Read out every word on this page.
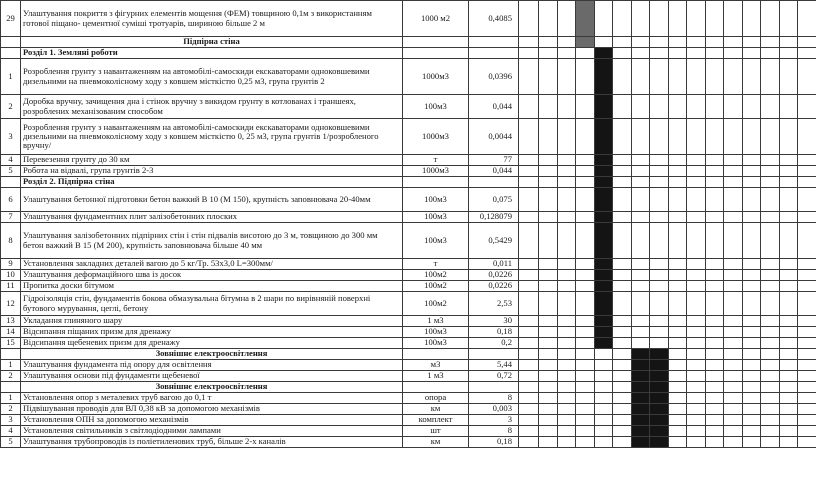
29	Улаштування покриття з фігурних елементів мощення (ФЕМ) товщиною 0,1м з використанням готової піщано- цементної суміші тротуарів, шириною більше 2 м	1000 м2	0,4085																
	Підпірна стіна																		
	Розділ 1. Земляні роботи																		
1	Розроблення грунту з навантаженням на автомобілі-самоскиди екскаваторами одноковшевими дизельними на пневмоколісному ходу з ковшем місткістю 0,25 м3, група грунтів 2	1000м3	0,0396																
2	Доробка вручну, зачищення дна і стінок вручну з викидом грунту в котлованах і траншеях, розроблених механізованим способом	100м3	0,044																
3	Розроблення грунту з навантаженням на автомобілі-самоскиди екскаваторами одноковшевими дизельними на пневмоколісному ходу з ковшем місткістю 0, 25 м3, група грунтів 1/розробленого вручну/	1000м3	0,0044																
4	Перевезення грунту до 30 км	т	77																
5	Робота на відвалі, група грунтів 2-3	1000м3	0,044																
	Розділ 2. Підпірна стіна																		
6	Улаштування бетонної підготовки бетон важкий В 10 (М 150), крупність заповнювача 20-40мм	100м3	0,075																
7	Улаштування фундаментних плит залізобетонних плоских	100м3	0,128079																
8	Улаштування залізобетонних підпірних стін і стін підвалів висотою до 3 м, товщиною до 300 мм бетон важкий В 15 (М 200), крупність заповнювача більше 40 мм	100м3	0,5429																
9	Установлення закладних деталей вагою до 5 кг/Тр. 53х3,0 L=300мм/	т	0,011																
10	Улаштування деформаційного шва із досок	100м2	0,0226																
11	Пропитка доски бітумом	100м2	0,0226																
12	Гідроізоляція стін, фундаментів бокова обмазувальна бітумна в 2 шари по вирівняній поверхні бутового мурування, цеглі, бетону	100м2	2,53																
13	Укладання глиняного шару	1 м3	30																
14	Відсипання піщаних призм для дренажу	100м3	0,18																
15	Відсипання щебеневих призм для дренажу	100м3	0,2																
	Зовнішнє електроосвітлення																		
1	Улаштування фундамента під опору для освітлення	м3	5,44																
2	Улаштування основи під фундаменти щебеневої	1 м3	0,72																
	Зовнішнє електроосвітлення																		
1	Установлення опор з металевих труб вагою до 0,1 т	опора	8																
2	Підвішування проводів для ВЛ 0,38 кВ за допомогою механізмів	км	0,003																
3	Установлення ОПН за допомогою механізмів	комплект	3																
4	Установлення світильників з світлодіодними лампами	шт	8																
5	Улаштування трубопроводів із поліетиленових труб, більше 2-х каналів	км	0,18																
